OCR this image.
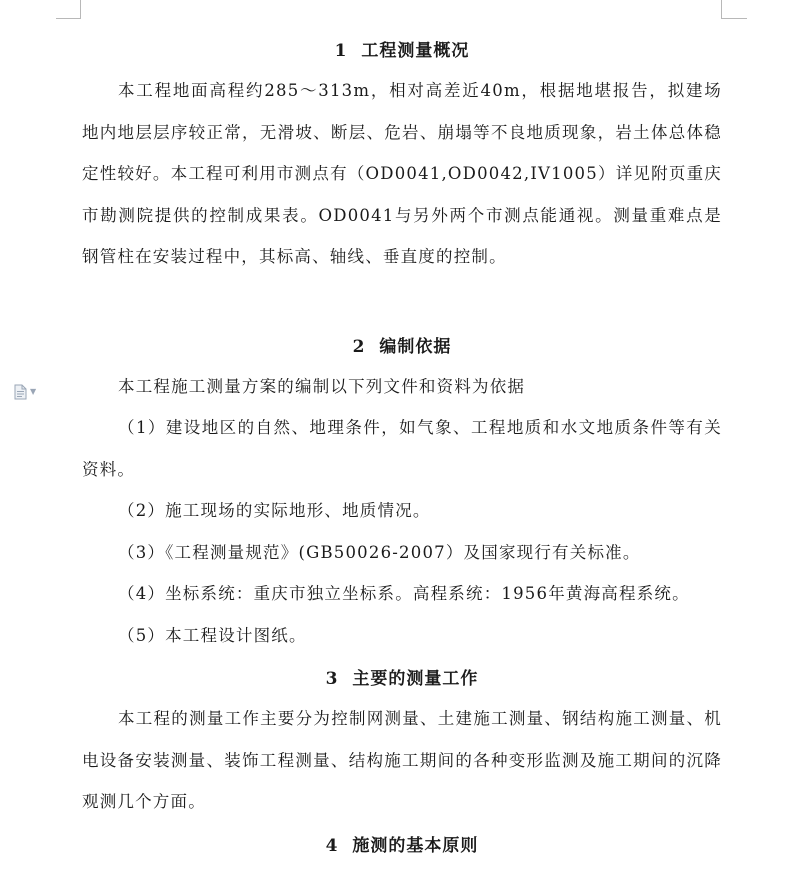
▼
1 工程测量概况

本工程地面高程约285～313m，相对高差近40m，根据地堪报告，拟建场地内地层层序较正常，无滑坡、断层、危岩、崩塌等不良地质现象，岩土体总体稳定性较好。本工程可利用市测点有（OD0041,OD0042,IV1005）详见附页重庆市勘测院提供的控制成果表。OD0041与另外两个市测点能通视。测量重难点是钢管柱在安装过程中，其标高、轴线、垂直度的控制。

2 编制依据

本工程施工测量方案的编制以下列文件和资料为依据

（1）建设地区的自然、地理条件，如气象、工程地质和水文地质条件等有关资料。

（2）施工现场的实际地形、地质情况。

（3）《工程测量规范》(GB50026-2007）及国家现行有关标准。

（4）坐标系统：重庆市独立坐标系。高程系统：1956年黄海高程系统。

（5）本工程设计图纸。

3 主要的测量工作

本工程的测量工作主要分为控制网测量、土建施工测量、钢结构施工测量、机电设备安装测量、装饰工程测量、结构施工期间的各种变形监测及施工期间的沉降观测几个方面。

4 施测的基本原则
